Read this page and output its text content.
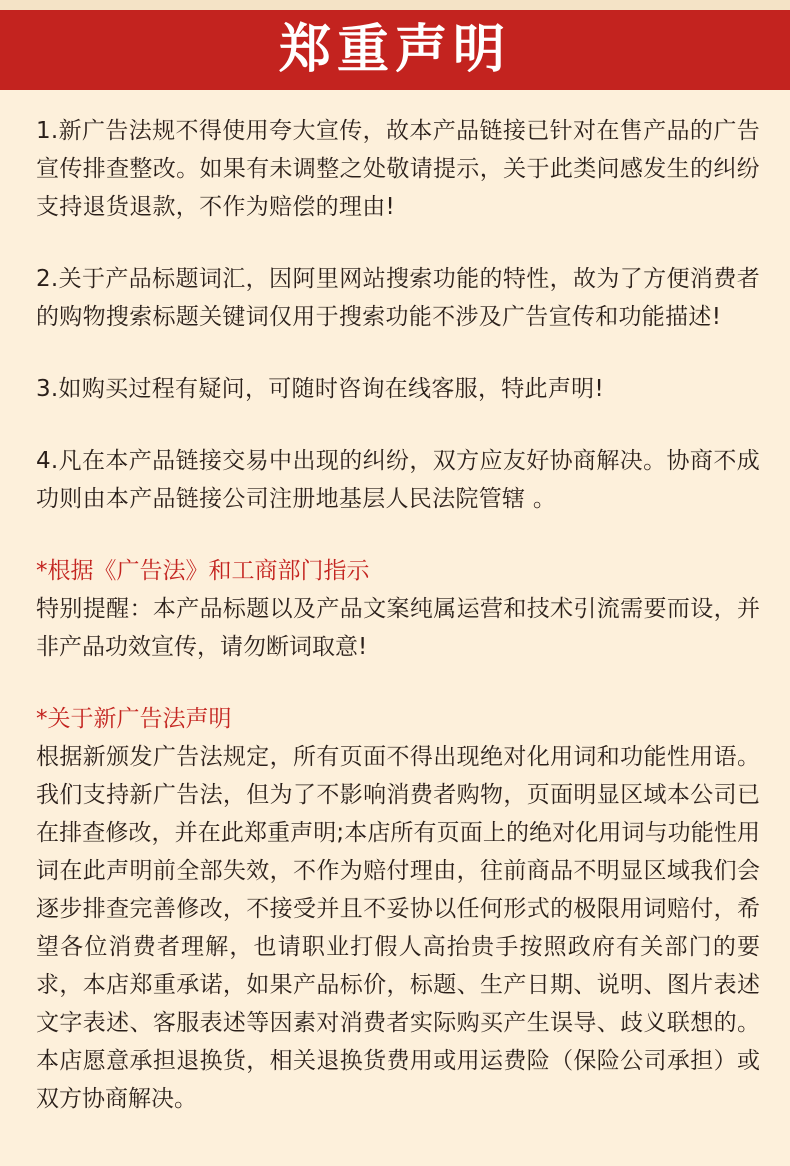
郑重声明

1.新广告法规不得使用夸大宣传，故本产品链接已针对在售产品的广告宣传排查整改。如果有未调整之处敬请提示，关于此类问感发生的纠纷支持退货退款，不作为赔偿的理由!

2.关于产品标题词汇，因阿里网站搜索功能的特性，故为了方便消费者的购物搜索标题关键词仅用于搜索功能不涉及广告宣传和功能描述!

3.如购买过程有疑问，可随时咨询在线客服，特此声明!

4.凡在本产品链接交易中出现的纠纷，双方应友好协商解决。协商不成功则由本产品链接公司注册地基层人民法院管辖 。

*根据《广告法》和工商部门指示

特别提醒：本产品标题以及产品文案纯属运营和技术引流需要而设，并非产品功效宣传，请勿断词取意!

*关于新广告法声明

根据新颁发广告法规定，所有页面不得出现绝对化用词和功能性用语。我们支持新广告法，但为了不影响消费者购物，页面明显区域本公司已在排查修改，并在此郑重声明;本店所有页面上的绝对化用词与功能性用词在此声明前全部失效，不作为赔付理由，往前商品不明显区域我们会逐步排查完善修改，不接受并且不妥协以任何形式的极限用词赔付，希望各位消费者理解，也请职业打假人高抬贵手按照政府有关部门的要求，本店郑重承诺，如果产品标价，标题、生产日期、说明、图片表述文字表述、客服表述等因素对消费者实际购买产生误导、歧义联想的。本店愿意承担退换货，相关退换货费用或用运费险（保险公司承担）或双方协商解决。
